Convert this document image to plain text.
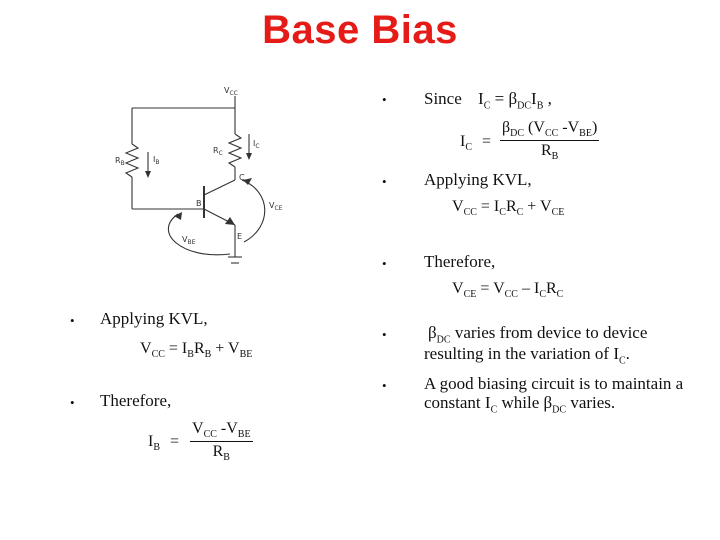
Base Bias
$V_{CC}$
$R_B$	$I_B$
$R_C$
$I_C$
C
B
E
$V_{CE}$
$V_{BE}$
• Applying KVL,
$V_{CC} = I_BR_B + V_{BE}$
• Therefore,
$I_B$ =
$V_{CC}$ $-V_{BE}$
$R_B$
• Since $I_C = \beta_{DC}I_B$ ,
$I_C$ =
$\beta_{DC}$ ($V_{CC}$ $-V_{BE}$)
$R_B$
• Applying KVL,
$V_{CC} = I_CR_C + V_{CE}$
• Therefore,
$V_{CE} = V_{CC} - I_CR_C$
• $\beta_{DC}$ varies from device to device resulting in the variation of $I_C$.
• A good biasing circuit is to maintain a constant $I_C$ while $\beta_{DC}$ varies.
